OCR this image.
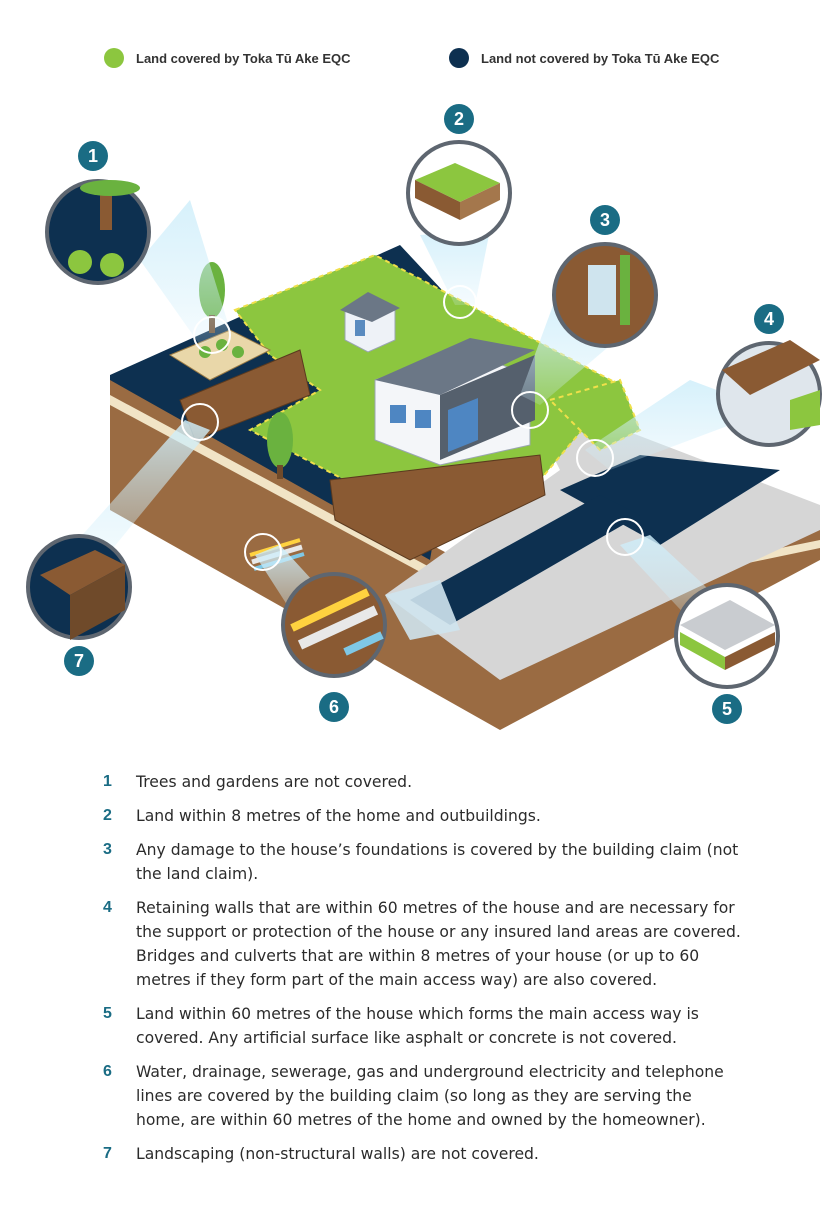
Land covered by Toka Tū Ake EQC	Land not covered by Toka Tū Ake EQC
1
2
3
4
5
6
7
1	Trees and gardens are not covered.
2	Land within 8 metres of the home and outbuildings.
3	Any damage to the house’s foundations is covered by the building claim (not the land claim).
4	Retaining walls that are within 60 metres of the house and are necessary for the support or protection of the house or any insured land areas are covered. Bridges and culverts that are within 8 metres of your house (or up to 60 metres if they form part of the main access way) are also covered.
5	Land within 60 metres of the house which forms the main access way is covered. Any artificial surface like asphalt or concrete is not covered.
6	Water, drainage, sewerage, gas and underground electricity and telephone lines are covered by the building claim (so long as they are serving the home, are within 60 metres of the home and owned by the homeowner).
7	Landscaping (non-structural walls) are not covered.
